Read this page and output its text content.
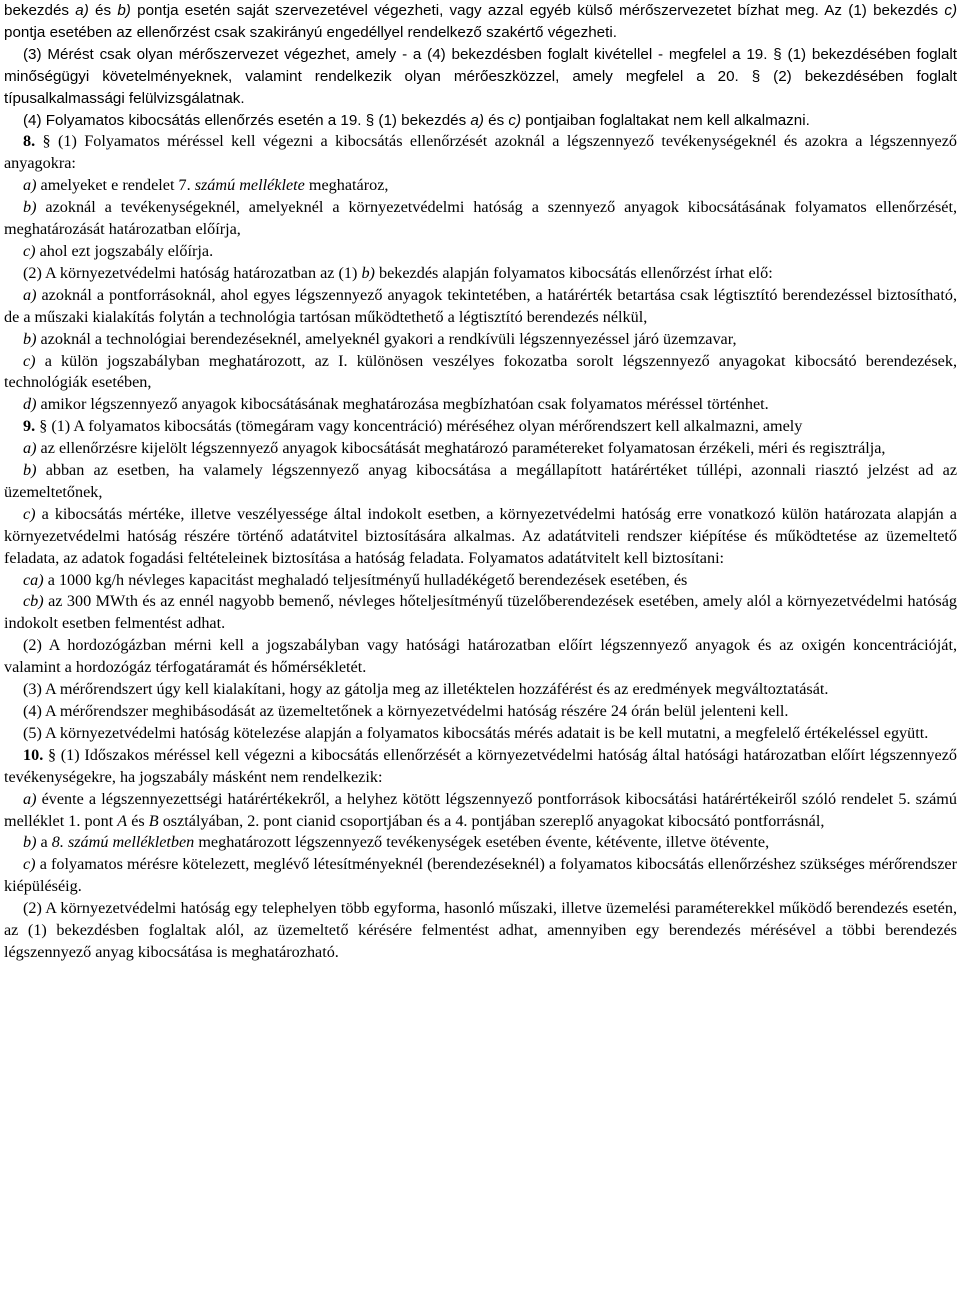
bekezdés a) és b) pontja esetén saját szervezetével végezheti, vagy azzal egyéb külső mérőszervezetet bízhat meg. Az (1) bekezdés c) pontja esetében az ellenőrzést csak szakirányú engedéllyel rendelkező szakértő végezheti.

(3) Mérést csak olyan mérőszervezet végezhet, amely - a (4) bekezdésben foglalt kivétellel - megfelel a 19. § (1) bekezdésében foglalt minőségügyi követelményeknek, valamint rendelkezik olyan mérőeszközzel, amely megfelel a 20. § (2) bekezdésében foglalt típusalkalmassági felülvizsgálatnak.

(4) Folyamatos kibocsátás ellenőrzés esetén a 19. § (1) bekezdés a) és c) pontjaiban foglaltakat nem kell alkalmazni.

8. § (1) Folyamatos méréssel kell végezni a kibocsátás ellenőrzését azoknál a légszennyező tevékenységeknél és azokra a légszennyező anyagokra:

a) amelyeket e rendelet 7. számú melléklete meghatároz,

b) azoknál a tevékenységeknél, amelyeknél a környezetvédelmi hatóság a szennyező anyagok kibocsátásának folyamatos ellenőrzését, meghatározását határozatban előírja,

c) ahol ezt jogszabály előírja.

(2) A környezetvédelmi hatóság határozatban az (1) b) bekezdés alapján folyamatos kibocsátás ellenőrzést írhat elő:

a) azoknál a pontforrásoknál, ahol egyes légszennyező anyagok tekintetében, a határérték betartása csak légtisztító berendezéssel biztosítható, de a műszaki kialakítás folytán a technológia tartósan működtethető a légtisztító berendezés nélkül,

b) azoknál a technológiai berendezéseknél, amelyeknél gyakori a rendkívüli légszennyezéssel járó üzemzavar,

c) a külön jogszabályban meghatározott, az I. különösen veszélyes fokozatba sorolt légszennyező anyagokat kibocsátó berendezések, technológiák esetében,

d) amikor légszennyező anyagok kibocsátásának meghatározása megbízhatóan csak folyamatos méréssel történhet.

9. § (1) A folyamatos kibocsátás (tömegáram vagy koncentráció) méréséhez olyan mérőrendszert kell alkalmazni, amely

a) az ellenőrzésre kijelölt légszennyező anyagok kibocsátását meghatározó paramétereket folyamatosan érzékeli, méri és regisztrálja,

b) abban az esetben, ha valamely légszennyező anyag kibocsátása a megállapított határértéket túllépi, azonnali riasztó jelzést ad az üzemeltetőnek,

c) a kibocsátás mértéke, illetve veszélyessége által indokolt esetben, a környezetvédelmi hatóság erre vonatkozó külön határozata alapján a környezetvédelmi hatóság részére történő adatátvitel biztosítására alkalmas. Az adatátviteli rendszer kiépítése és működtetése az üzemeltető feladata, az adatok fogadási feltételeinek biztosítása a hatóság feladata. Folyamatos adatátvitelt kell biztosítani:

ca) a 1000 kg/h névleges kapacitást meghaladó teljesítményű hulladékégető berendezések esetében, és

cb) az 300 MWth és az ennél nagyobb bemenő, névleges hőteljesítményű tüzelőberendezések esetében, amely alól a környezetvédelmi hatóság indokolt esetben felmentést adhat.

(2) A hordozógázban mérni kell a jogszabályban vagy hatósági határozatban előírt légszennyező anyagok és az oxigén koncentrációját, valamint a hordozógáz térfogatáramát és hőmérsékletét.

(3) A mérőrendszert úgy kell kialakítani, hogy az gátolja meg az illetéktelen hozzáférést és az eredmények megváltoztatását.

(4) A mérőrendszer meghibásodását az üzemeltetőnek a környezetvédelmi hatóság részére 24 órán belül jelenteni kell.

(5) A környezetvédelmi hatóság kötelezése alapján a folyamatos kibocsátás mérés adatait is be kell mutatni, a megfelelő értékeléssel együtt.

10. § (1) Időszakos méréssel kell végezni a kibocsátás ellenőrzését a környezetvédelmi hatóság által hatósági határozatban előírt légszennyező tevékenységekre, ha jogszabály másként nem rendelkezik:

a) évente a légszennyezettségi határértékekről, a helyhez kötött légszennyező pontforrások kibocsátási határértékeiről szóló rendelet 5. számú melléklet 1. pont A és B osztályában, 2. pont cianid csoportjában és a 4. pontjában szereplő anyagokat kibocsátó pontforrásnál,

b) a 8. számú mellékletben meghatározott légszennyező tevékenységek esetében évente, kétévente, illetve ötévente,

c) a folyamatos mérésre kötelezett, meglévő létesítményeknél (berendezéseknél) a folyamatos kibocsátás ellenőrzéshez szükséges mérőrendszer kiépüléséig.

(2) A környezetvédelmi hatóság egy telephelyen több egyforma, hasonló műszaki, illetve üzemelési paraméterekkel működő berendezés esetén, az (1) bekezdésben foglaltak alól, az üzemeltető kérésére felmentést adhat, amennyiben egy berendezés mérésével a többi berendezés légszennyező anyag kibocsátása is meghatározható.
